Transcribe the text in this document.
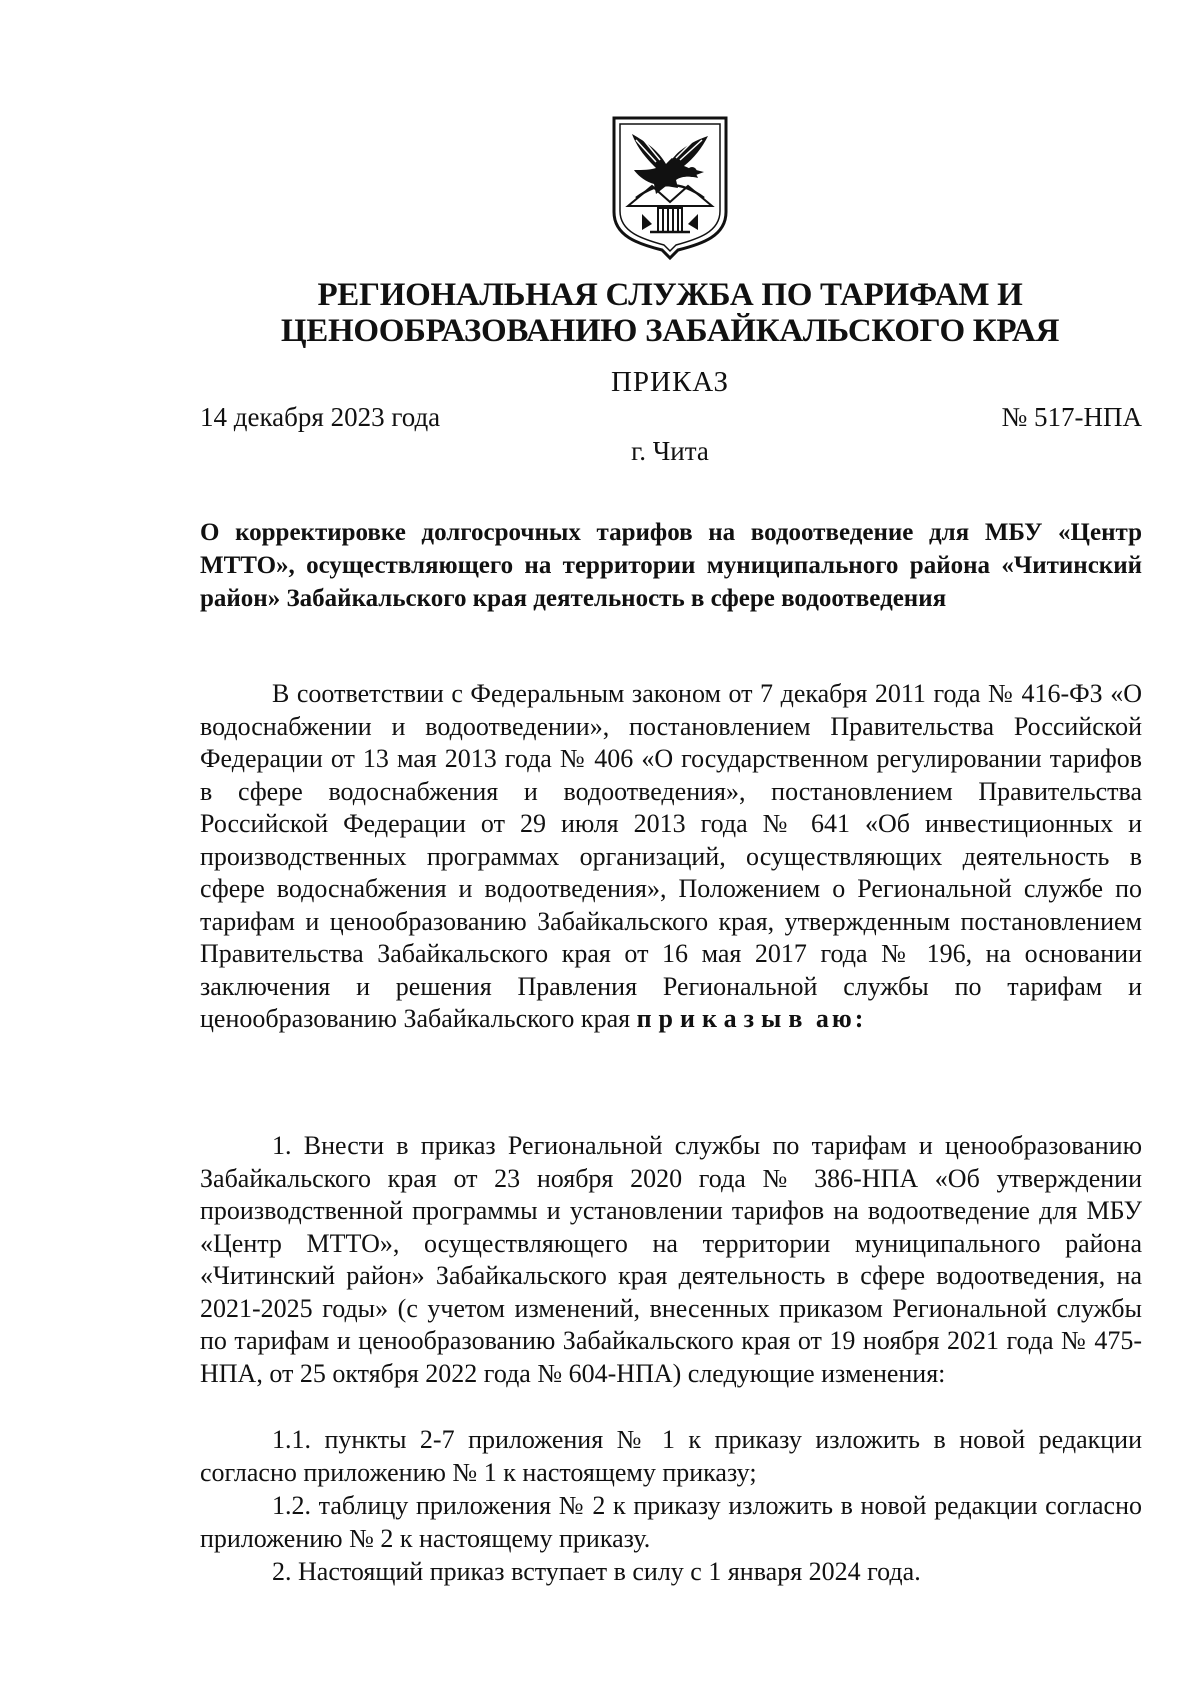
РЕГИОНАЛЬНАЯ СЛУЖБА ПО ТАРИФАМ И
ЦЕНООБРАЗОВАНИЮ ЗАБАЙКАЛЬСКОГО КРАЯ
ПРИКАЗ
14 декабря 2023 года	№ 517-НПА
г. Чита
О корректировке долгосрочных тарифов на водоотведение для МБУ «Центр МТТО», осуществляющего на территории муниципального района «Читинский район» Забайкальского края деятельность в сфере водоотведения
В соответствии с Федеральным законом от 7 декабря 2011 года № 416-ФЗ «О водоснабжении и водоотведении», постановлением Правительства Российской Федерации от 13 мая 2013 года № 406 «О государственном регулировании тарифов в сфере водоснабжения и водоотведения», постановлением Правительства Российской Федерации от 29 июля 2013 года № 641 «Об инвестиционных и производственных программах организаций, осуществляющих деятельность в сфере водоснабжения и водоотведения», Положением о Региональной службе по тарифам и ценообразованию Забайкальского края, утвержденным постановлением Правительства Забайкальского края от 16 мая 2017 года № 196, на основании заключения и решения Правления Региональной службы по тарифам и ценообразованию Забайкальского края приказыв аю:
1. Внести в приказ Региональной службы по тарифам и ценообразованию Забайкальского края от 23 ноября 2020 года № 386-НПА «Об утверждении производственной программы и установлении тарифов на водоотведение для МБУ «Центр МТТО», осуществляющего на территории муниципального района «Читинский район» Забайкальского края деятельность в сфере водоотведения, на 2021-2025 годы» (с учетом изменений, внесенных приказом Региональной службы по тарифам и ценообразованию Забайкальского края от 19 ноября 2021 года № 475-НПА, от 25 октября 2022 года № 604-НПА) следующие изменения:
1.1. пункты 2-7 приложения № 1 к приказу изложить в новой редакции согласно приложению № 1 к настоящему приказу;
1.2. таблицу приложения № 2 к приказу изложить в новой редакции согласно приложению № 2 к настоящему приказу.
2. Настоящий приказ вступает в силу с 1 января 2024 года.
